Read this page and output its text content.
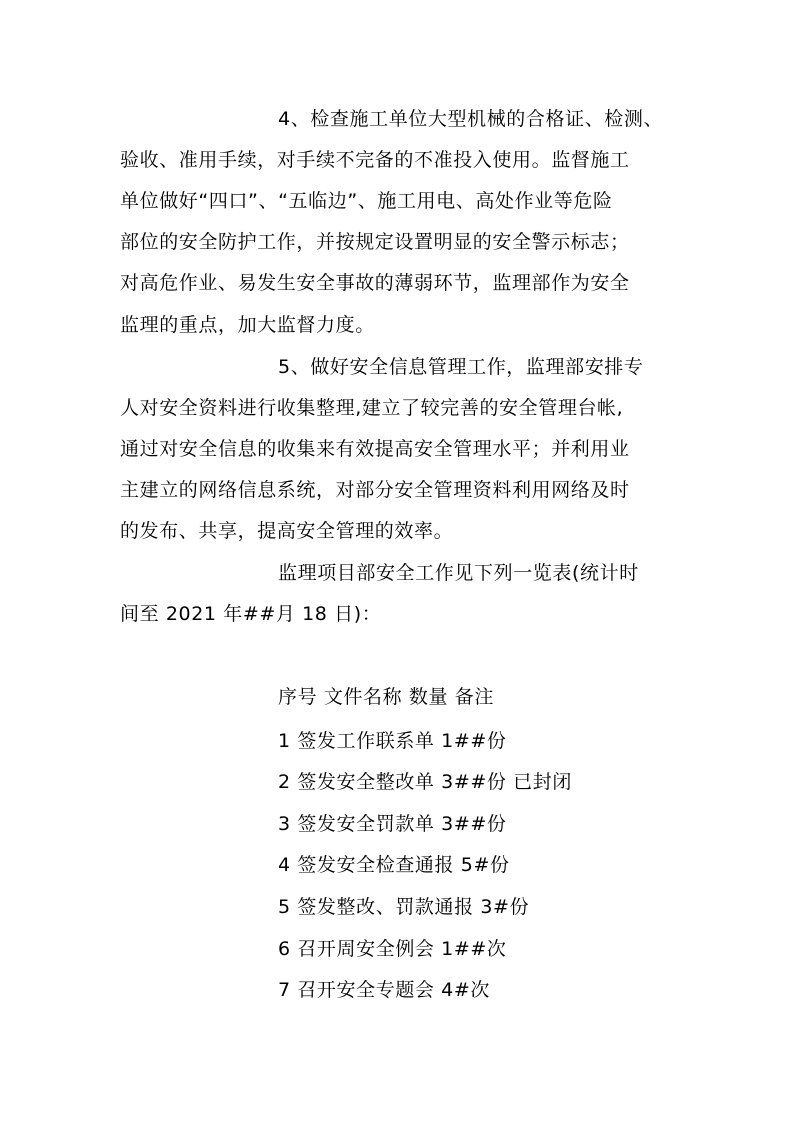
4、检查施工单位大型机械的合格证、检测、
验收、准用手续，对手续不完备的不准投入使用。监督施工
单位做好“四口”、“五临边”、施工用电、高处作业等危险
部位的安全防护工作，并按规定设置明显的安全警示标志；
对高危作业、易发生安全事故的薄弱环节，监理部作为安全
监理的重点，加大监督力度。
5、做好安全信息管理工作，监理部安排专
人对安全资料进行收集整理,建立了较完善的安全管理台帐,
通过对安全信息的收集来有效提高安全管理水平；并利用业
主建立的网络信息系统，对部分安全管理资料利用网络及时
的发布、共享，提高安全管理的效率。
监理项目部安全工作见下列一览表(统计时
间至 2021 年##月 18 日)：
序号 文件名称 数量 备注
1 签发工作联系单 1##份
2 签发安全整改单 3##份 已封闭
3 签发安全罚款单 3##份
4 签发安全检查通报 5#份
5 签发整改、罚款通报 3#份
6 召开周安全例会 1##次
7 召开安全专题会 4#次
